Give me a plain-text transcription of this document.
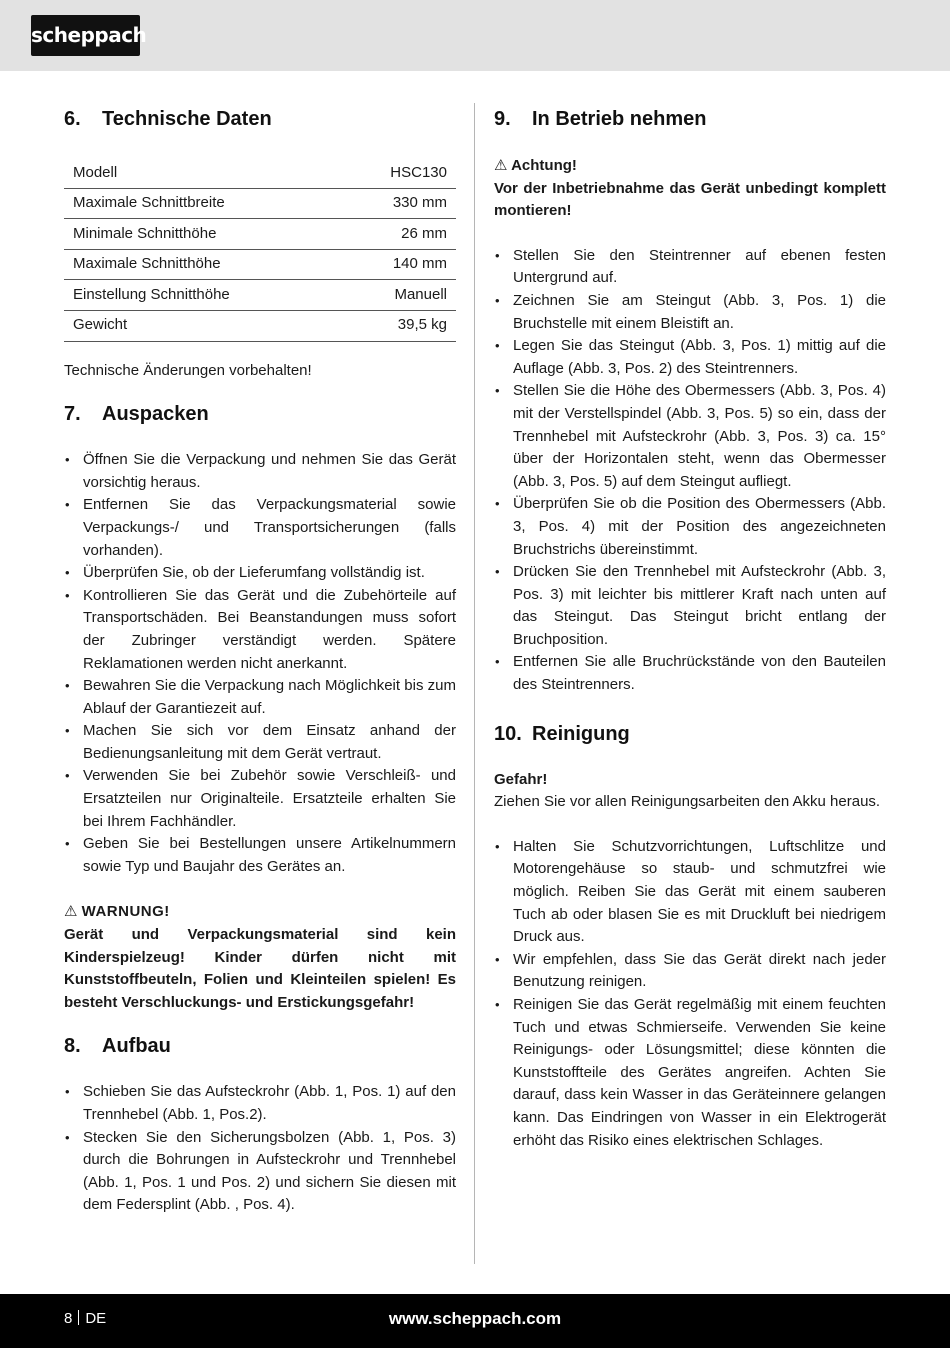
scheppach
6. Technische Daten
Modell	HSC130
Maximale Schnittbreite	330 mm
Minimale Schnitthöhe	26 mm
Maximale Schnitthöhe	140 mm
Einstellung Schnitthöhe	Manuell
Gewicht	39,5 kg

Technische Änderungen vorbehalten!

7. Auspacken
• Öffnen Sie die Verpackung und nehmen Sie das Gerät vorsichtig heraus.
• Entfernen Sie das Verpackungsmaterial sowie Verpackungs-/ und Transportsicherungen (falls vorhanden).
• Überprüfen Sie, ob der Lieferumfang vollständig ist.
• Kontrollieren Sie das Gerät und die Zubehörteile auf Transportschäden. Bei Beanstandungen muss sofort der Zubringer verständigt werden. Spätere Reklamationen werden nicht anerkannt.
• Bewahren Sie die Verpackung nach Möglichkeit bis zum Ablauf der Garantiezeit auf.
• Machen Sie sich vor dem Einsatz anhand der Bedienungsanleitung mit dem Gerät vertraut.
• Verwenden Sie bei Zubehör sowie Verschleiß- und Ersatzteilen nur Originalteile. Ersatzteile erhalten Sie bei Ihrem Fachhändler.
• Geben Sie bei Bestellungen unsere Artikelnummern sowie Typ und Baujahr des Gerätes an.

⚠ WARNUNG!

Gerät und Verpackungsmaterial sind kein Kinderspielzeug! Kinder dürfen nicht mit Kunststoffbeuteln, Folien und Kleinteilen spielen! Es besteht Verschluckungs- und Erstickungsgefahr!

8. Aufbau
• Schieben Sie das Aufsteckrohr (Abb. 1, Pos. 1) auf den Trennhebel (Abb. 1, Pos.2).
• Stecken Sie den Sicherungsbolzen (Abb. 1, Pos. 3) durch die Bohrungen in Aufsteckrohr und Trennhebel (Abb. 1, Pos. 1 und Pos. 2) und sichern Sie diesen mit dem Federsplint (Abb. , Pos. 4).
9. In Betrieb nehmen

⚠ Achtung!

Vor der Inbetriebnahme das Gerät unbedingt komplett montieren!

• Stellen Sie den Steintrenner auf ebenen festen Untergrund auf.
• Zeichnen Sie am Steingut (Abb. 3, Pos. 1) die Bruchstelle mit einem Bleistift an.
• Legen Sie das Steingut (Abb. 3, Pos. 1) mittig auf die Auflage (Abb. 3, Pos. 2) des Steintrenners.
• Stellen Sie die Höhe des Obermessers (Abb. 3, Pos. 4) mit der Verstellspindel (Abb. 3, Pos. 5) so ein, dass der Trennhebel mit Aufsteckrohr (Abb. 3, Pos. 3) ca. 15° über der Horizontalen steht, wenn das Obermesser (Abb. 3, Pos. 5) auf dem Steingut aufliegt.
• Überprüfen Sie ob die Position des Obermessers (Abb. 3, Pos. 4) mit der Position des angezeichneten Bruchstrichs übereinstimmt.
• Drücken Sie den Trennhebel mit Aufsteckrohr (Abb. 3, Pos. 3) mit leichter bis mittlerer Kraft nach unten auf das Steingut. Das Steingut bricht entlang der Bruchposition.
• Entfernen Sie alle Bruchrückstände von den Bauteilen des Steintrenners.
10. Reinigung

Gefahr!

Ziehen Sie vor allen Reinigungsarbeiten den Akku heraus.

• Halten Sie Schutzvorrichtungen, Luftschlitze und Motorengehäuse so staub- und schmutzfrei wie möglich. Reiben Sie das Gerät mit einem sauberen Tuch ab oder blasen Sie es mit Druckluft bei niedrigem Druck aus.
• Wir empfehlen, dass Sie das Gerät direkt nach jeder Benutzung reinigen.
• Reinigen Sie das Gerät regelmäßig mit einem feuchten Tuch und etwas Schmierseife. Verwenden Sie keine Reinigungs- oder Lösungsmittel; diese könnten die Kunststoffteile des Gerätes angreifen. Achten Sie darauf, dass kein Wasser in das Geräteinnere gelangen kann. Das Eindringen von Wasser in ein Elektrogerät erhöht das Risiko eines elektrischen Schlages.
8 DE	www.scheppach.com
